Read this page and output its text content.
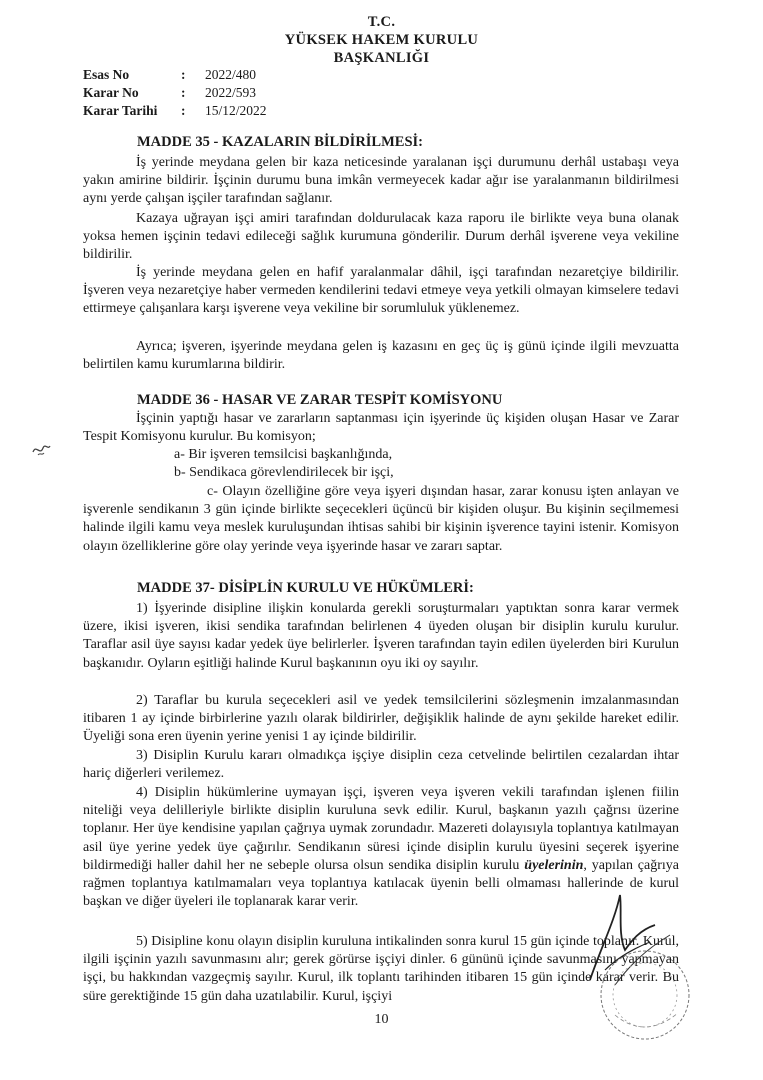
T.C.
YÜKSEK HAKEM KURULU
BAŞKANLIĞI
Esas No	:	2022/480
Karar No	:	2022/593
Karar Tarihi	:	15/12/2022
MADDE 35 - KAZALARIN BİLDİRİLMESİ:
İş yerinde meydana gelen bir kaza neticesinde yaralanan işçi durumunu derhâl ustabaşı veya yakın amirine bildirir. İşçinin durumu buna imkân vermeyecek kadar ağır ise yaralanmanın bildirilmesi aynı yerde çalışan işçiler tarafından sağlanır.
Kazaya uğrayan işçi amiri tarafından doldurulacak kaza raporu ile birlikte veya buna olanak yoksa hemen işçinin tedavi edileceği sağlık kurumuna gönderilir. Durum derhâl işverene veya vekiline bildirilir.
İş yerinde meydana gelen en hafif yaralanmalar dâhil, işçi tarafından nezaretçiye bildirilir. İşveren veya nezaretçiye haber vermeden kendilerini tedavi etmeye veya yetkili olmayan kimselere tedavi ettirmeye çalışanlara karşı işverene veya vekiline bir sorumluluk yüklenemez.
Ayrıca; işveren, işyerinde meydana gelen iş kazasını en geç üç iş günü içinde ilgili mevzuatta belirtilen kamu kurumlarına bildirir.
MADDE 36 - HASAR VE ZARAR TESPİT KOMİSYONU
İşçinin yaptığı hasar ve zararların saptanması için işyerinde üç kişiden oluşan Hasar ve Zarar Tespit Komisyonu kurulur. Bu komisyon;
a- Bir işveren temsilcisi başkanlığında,
b- Sendikaca görevlendirilecek bir işçi,
c- Olayın özelliğine göre veya işyeri dışından hasar, zarar konusu işten anlayan ve işverenle sendikanın 3 gün içinde birlikte seçecekleri üçüncü bir kişiden oluşur. Bu kişinin seçilmemesi halinde ilgili kamu veya meslek kuruluşundan ihtisas sahibi bir kişinin işverence tayini istenir. Komisyon olayın özelliklerine göre olay yerinde veya işyerinde hasar ve zararı saptar.
MADDE 37- DİSİPLİN KURULU VE HÜKÜMLERİ:
1) İşyerinde disipline ilişkin konularda gerekli soruşturmaları yaptıktan sonra karar vermek üzere, ikisi işveren, ikisi sendika tarafından belirlenen 4 üyeden oluşan bir disiplin kurulu kurulur. Taraflar asil üye sayısı kadar yedek üye belirlerler. İşveren tarafından tayin edilen üyelerden biri Kurulun başkanıdır. Oyların eşitliği halinde Kurul başkanının oyu iki oy sayılır.
2) Taraflar bu kurula seçecekleri asil ve yedek temsilcilerini sözleşmenin imzalanmasından itibaren 1 ay içinde birbirlerine yazılı olarak bildirirler, değişiklik halinde de aynı şekilde hareket edilir. Üyeliği sona eren üyenin yerine yenisi 1 ay içinde bildirilir.
3) Disiplin Kurulu kararı olmadıkça işçiye disiplin ceza cetvelinde belirtilen cezalardan ihtar hariç diğerleri verilemez.
4) Disiplin hükümlerine uymayan işçi, işveren veya işveren vekili tarafından işlenen fiilin niteliği veya delilleriyle birlikte disiplin kuruluna sevk edilir. Kurul, başkanın yazılı çağrısı üzerine toplanır. Her üye kendisine yapılan çağrıya uymak zorundadır. Mazereti dolayısıyla toplantıya katılmayan asil üye yerine yedek üye çağırılır. Sendikanın süresi içinde disiplin kurulu üyesini seçerek işyerine bildirmediği haller dahil her ne sebeple olursa olsun sendika disiplin kurulu üyelerinin, yapılan çağrıya rağmen toplantıya katılmamaları veya toplantıya katılacak üyenin belli olmaması hallerinde de kurul başkan ve diğer üyeleri ile toplanarak karar verir.
5) Disipline konu olayın disiplin kuruluna intikalinden sonra kurul 15 gün içinde toplanır. Kurul, ilgili işçinin yazılı savunmasını alır; gerek görürse işçiyi dinler. 6 gününü içinde savunmasını yapmayan işçi, bu hakkından vazgeçmiş sayılır. Kurul, ilk toplantı tarihinden itibaren 15 gün içinde karar verir. Bu süre gerektiğinde 15 gün daha uzatılabilir. Kurul, işçiyi
10
